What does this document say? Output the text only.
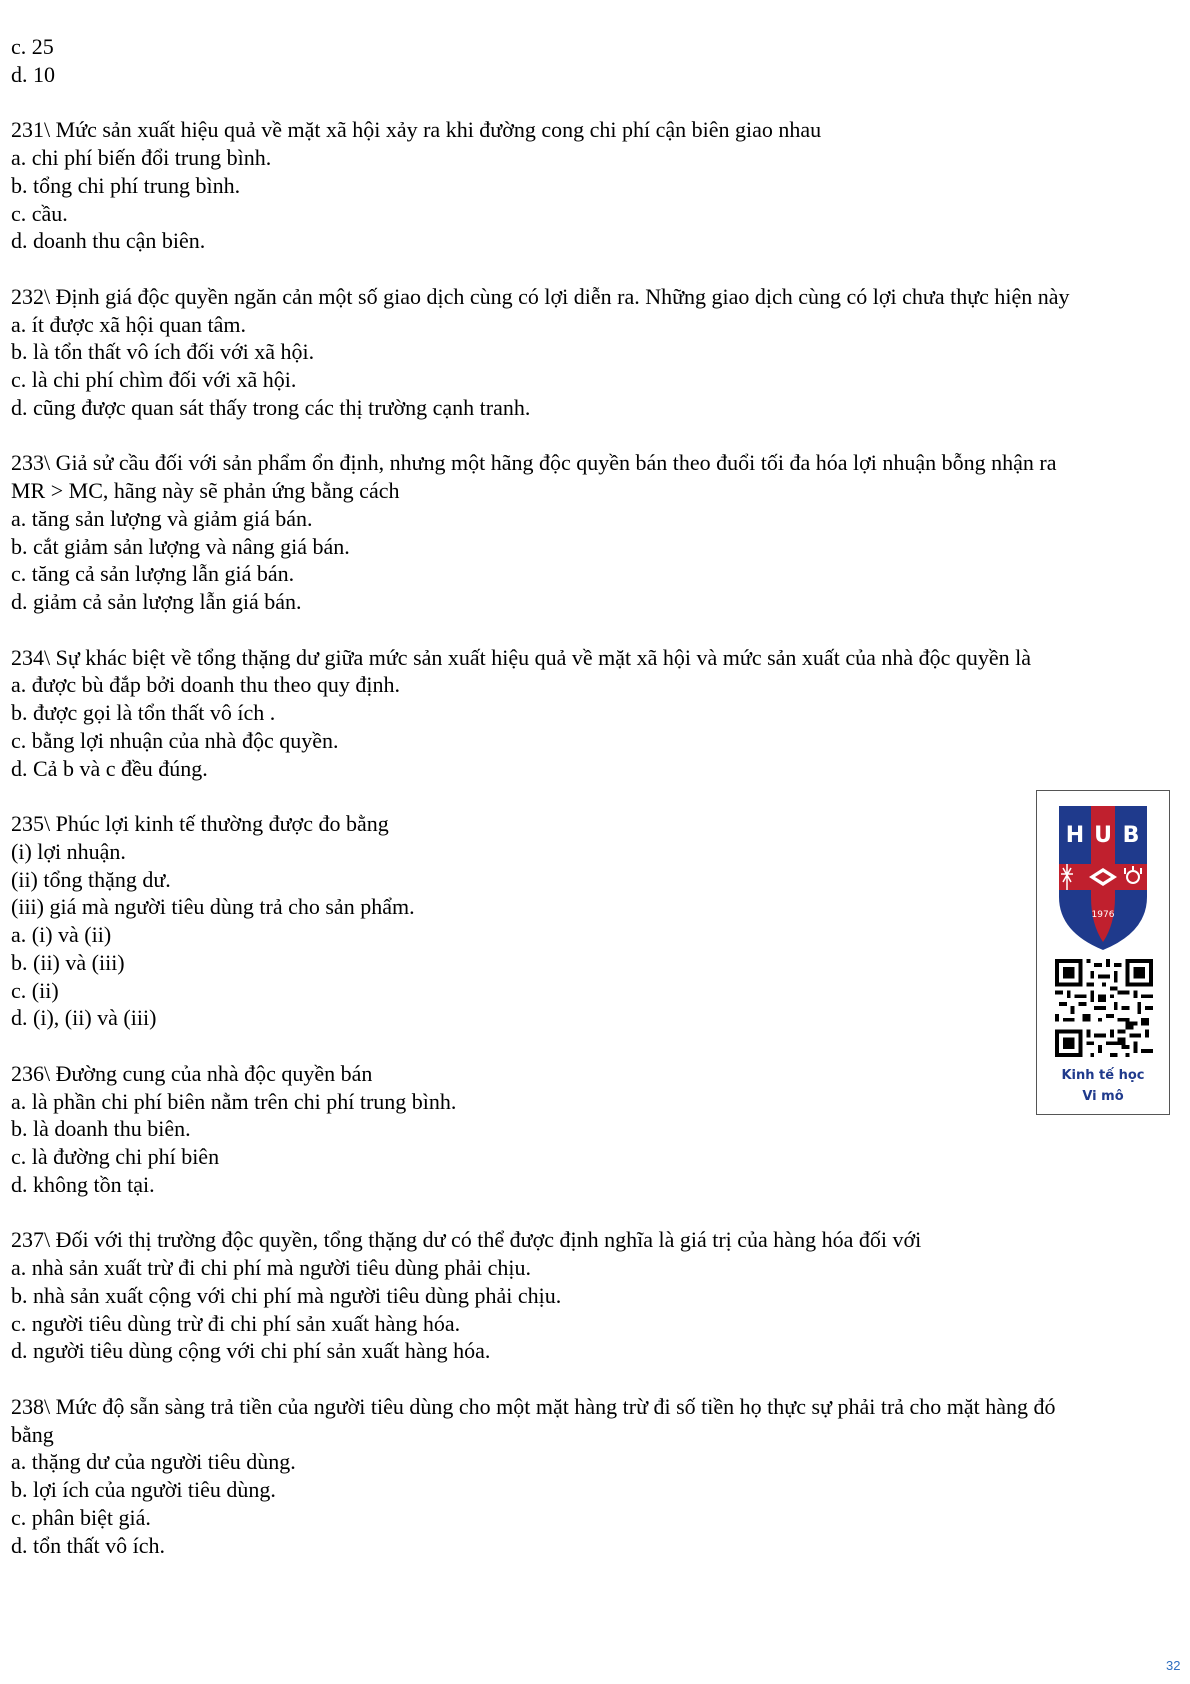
c. 25
d. 10
231\ Mức sản xuất hiệu quả về mặt xã hội xảy ra khi đường cong chi phí cận biên giao nhau
a. chi phí biến đổi trung bình.
b. tổng chi phí trung bình.
c. cầu.
d. doanh thu cận biên.
232\ Định giá độc quyền ngăn cản một số giao dịch cùng có lợi diễn ra. Những giao dịch cùng có lợi chưa thực hiện này
a. ít được xã hội quan tâm.
b. là tổn thất vô ích đối với xã hội.
c. là chi phí chìm đối với xã hội.
d. cũng được quan sát thấy trong các thị trường cạnh tranh.
233\ Giả sử cầu đối với sản phẩm ổn định, nhưng một hãng độc quyền bán theo đuổi tối đa hóa lợi nhuận bỗng nhận ra
MR > MC, hãng này sẽ phản ứng bằng cách
a. tăng sản lượng và giảm giá bán.
b. cắt giảm sản lượng và nâng giá bán.
c. tăng cả sản lượng lẫn giá bán.
d. giảm cả sản lượng lẫn giá bán.
234\ Sự khác biệt về tổng thặng dư giữa mức sản xuất hiệu quả về mặt xã hội và mức sản xuất của nhà độc quyền là
a. được bù đắp bởi doanh thu theo quy định.
b. được gọi là tổn thất vô ích .
c. bằng lợi nhuận của nhà độc quyền.
d. Cả b và c đều đúng.
235\ Phúc lợi kinh tế thường được đo bằng
(i) lợi nhuận.
(ii) tổng thặng dư.
(iii) giá mà người tiêu dùng trả cho sản phẩm.
a. (i) và (ii)
b. (ii) và (iii)
c. (ii)
d. (i), (ii) và (iii)
236\ Đường cung của nhà độc quyền bán
a. là phần chi phí biên nằm trên chi phí trung bình.
b. là doanh thu biên.
c. là đường chi phí biên
d. không tồn tại.
237\ Đối với thị trường độc quyền, tổng thặng dư có thể được định nghĩa là giá trị của hàng hóa đối với
a. nhà sản xuất trừ đi chi phí mà người tiêu dùng phải chịu.
b. nhà sản xuất cộng với chi phí mà người tiêu dùng phải chịu.
c. người tiêu dùng trừ đi chi phí sản xuất hàng hóa.
d. người tiêu dùng cộng với chi phí sản xuất hàng hóa.
238\ Mức độ sẵn sàng trả tiền của người tiêu dùng cho một mặt hàng trừ đi số tiền họ thực sự phải trả cho mặt hàng đó
bằng
a. thặng dư của người tiêu dùng.
b. lợi ích của người tiêu dùng.
c. phân biệt giá.
d. tổn thất vô ích.
H U B
1976
Kinh tế học
Vi mô
32
